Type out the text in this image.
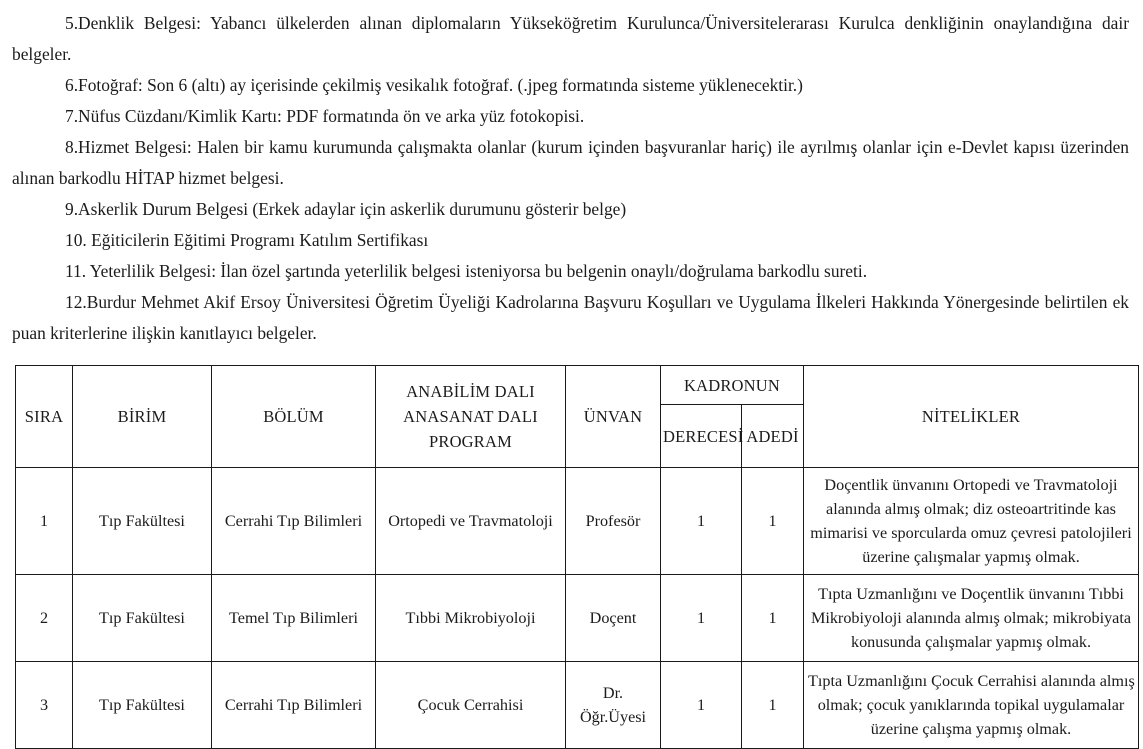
5.Denklik Belgesi: Yabancı ülkelerden alınan diplomaların Yükseköğretim Kurulunca/Üniversitelerarası Kurulca denkliğinin onaylandığına dair belgeler.

6.Fotoğraf: Son 6 (altı) ay içerisinde çekilmiş vesikalık fotoğraf. (.jpeg formatında sisteme yüklenecektir.)

7.Nüfus Cüzdanı/Kimlik Kartı: PDF formatında ön ve arka yüz fotokopisi.

8.Hizmet Belgesi: Halen bir kamu kurumunda çalışmakta olanlar (kurum içinden başvuranlar hariç) ile ayrılmış olanlar için e-Devlet kapısı üzerinden alınan barkodlu HİTAP hizmet belgesi.

9.Askerlik Durum Belgesi (Erkek adaylar için askerlik durumunu gösterir belge)

10. Eğiticilerin Eğitimi Programı Katılım Sertifikası

11. Yeterlilik Belgesi: İlan özel şartında yeterlilik belgesi isteniyorsa bu belgenin onaylı/doğrulama barkodlu sureti.

12.Burdur Mehmet Akif Ersoy Üniversitesi Öğretim Üyeliği Kadrolarına Başvuru Koşulları ve Uygulama İlkeleri Hakkında Yönergesinde belirtilen ek puan kriterlerine ilişkin kanıtlayıcı belgeler.

SIRA	BİRİM	BÖLÜM	ANABİLİM DALI
ANASANAT DALI
PROGRAM	ÜNVAN	KADRONUN		NİTELİKLER
					DERECESİ	ADEDİ	
1	Tıp Fakültesi	Cerrahi Tıp Bilimleri	Ortopedi ve Travmatoloji	Profesör	1	1	Doçentlik ünvanını Ortopedi ve Travmatoloji
alanında almış olmak; diz osteoartritinde kas
mimarisi ve sporcularda omuz çevresi patolojileri
üzerine çalışmalar yapmış olmak.

2	Tıp Fakültesi	Temel Tıp Bilimleri	Tıbbi Mikrobiyoloji	Doçent	1	1	Tıpta Uzmanlığını ve Doçentlik ünvanını Tıbbi
Mikrobiyoloji alanında almış olmak; mikrobiyata
konusunda çalışmalar yapmış olmak.

3	Tıp Fakültesi	Cerrahi Tıp Bilimleri	Çocuk Cerrahisi	Dr.
Öğr.Üyesi	1	1	Tıpta Uzmanlığını Çocuk Cerrahisi alanında almış
olmak; çocuk yanıklarında topikal uygulamalar
üzerine çalışma yapmış olmak.
